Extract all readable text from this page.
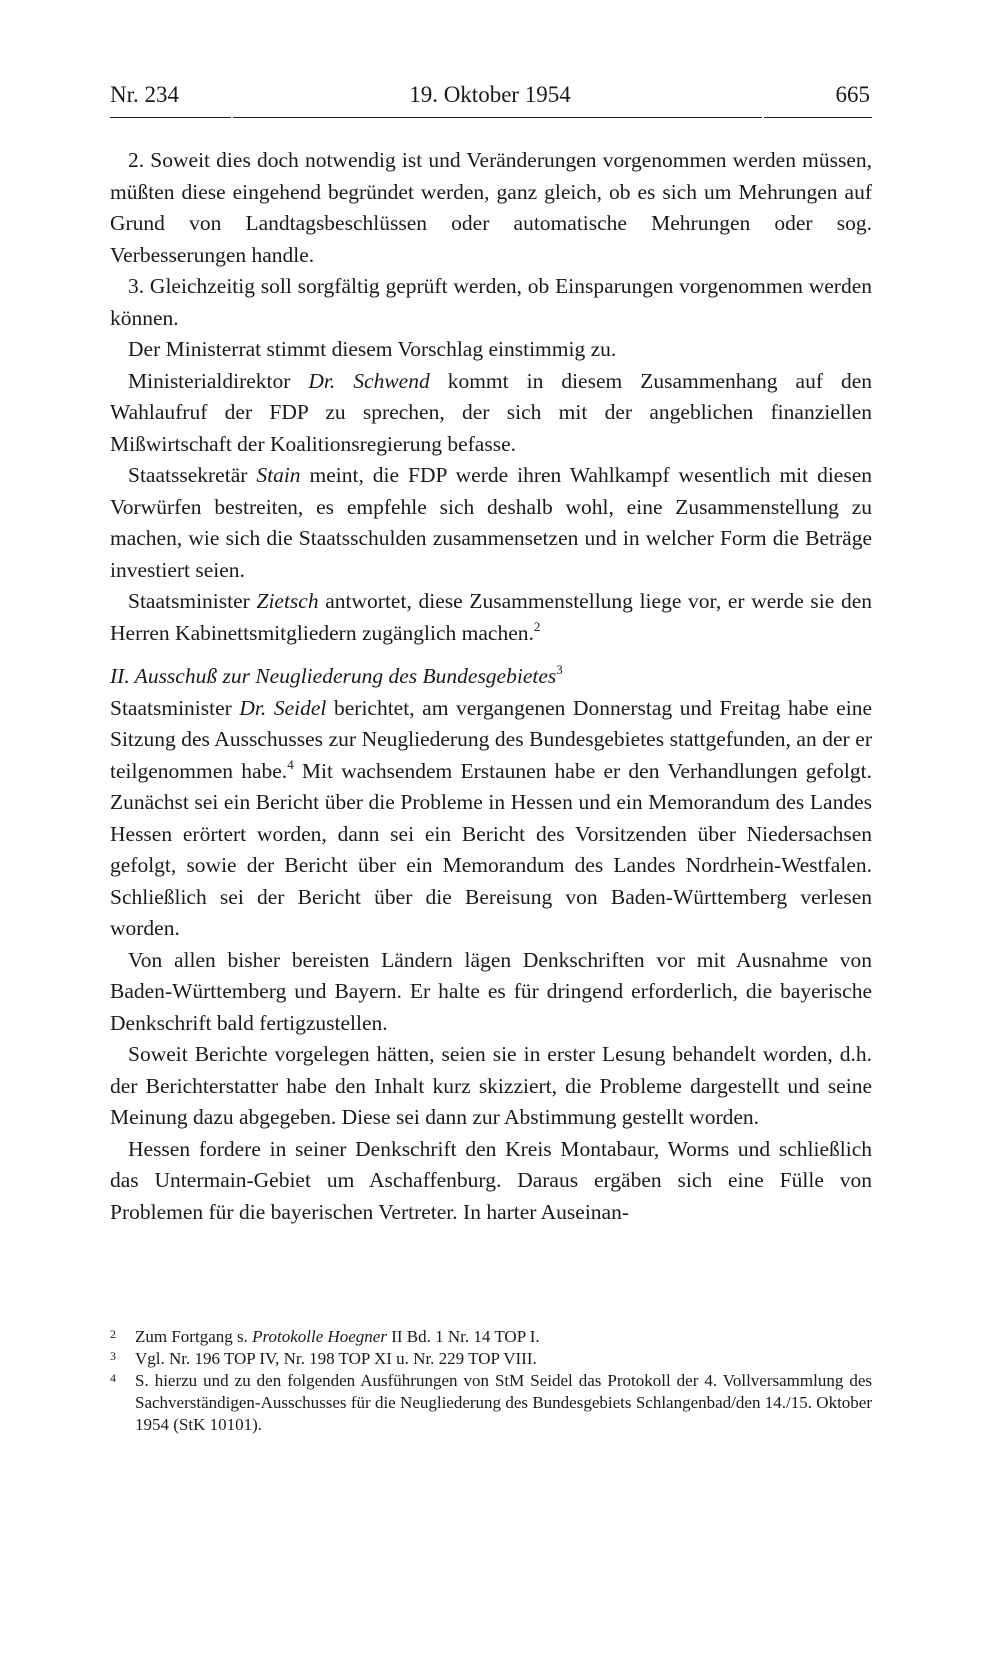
Nr. 234	19. Oktober 1954	665

2. Soweit dies doch notwendig ist und Veränderungen vorgenommen werden müssen, müßten diese eingehend begründet werden, ganz gleich, ob es sich um Mehrungen auf Grund von Landtagsbeschlüssen oder automatische Mehrungen oder sog. Verbesserungen handle.

3. Gleichzeitig soll sorgfältig geprüft werden, ob Einsparungen vorgenommen werden können.

Der Ministerrat stimmt diesem Vorschlag einstimmig zu.

Ministerialdirektor Dr. Schwend kommt in diesem Zusammenhang auf den Wahlaufruf der FDP zu sprechen, der sich mit der angeblichen finanziellen Mißwirtschaft der Koalitionsregierung befasse.

Staatssekretär Stain meint, die FDP werde ihren Wahlkampf wesentlich mit diesen Vorwürfen bestreiten, es empfehle sich deshalb wohl, eine Zusammenstellung zu machen, wie sich die Staatsschulden zusammensetzen und in welcher Form die Beträge investiert seien.

Staatsminister Zietsch antwortet, diese Zusammenstellung liege vor, er werde sie den Herren Kabinettsmitgliedern zugänglich machen.$^2$

II. Ausschuß zur Neugliederung des Bundesgebietes$^3$

Staatsminister Dr. Seidel berichtet, am vergangenen Donnerstag und Freitag habe eine Sitzung des Ausschusses zur Neugliederung des Bundesgebietes stattgefunden, an der er teilgenommen habe.$^4$ Mit wachsendem Erstaunen habe er den Verhandlungen gefolgt. Zunächst sei ein Bericht über die Probleme in Hessen und ein Memorandum des Landes Hessen erörtert worden, dann sei ein Bericht des Vorsitzenden über Niedersachsen gefolgt, sowie der Bericht über ein Memorandum des Landes Nordrhein-Westfalen. Schließlich sei der Bericht über die Bereisung von Baden-Württemberg verlesen worden.

Von allen bisher bereisten Ländern lägen Denkschriften vor mit Ausnahme von Baden-Württemberg und Bayern. Er halte es für dringend erforderlich, die bayerische Denkschrift bald fertigzustellen.

Soweit Berichte vorgelegen hätten, seien sie in erster Lesung behandelt worden, d.h. der Berichterstatter habe den Inhalt kurz skizziert, die Probleme dargestellt und seine Meinung dazu abgegeben. Diese sei dann zur Abstimmung gestellt worden.

Hessen fordere in seiner Denkschrift den Kreis Montabaur, Worms und schließlich das Untermain-Gebiet um Aschaffenburg. Daraus ergäben sich eine Fülle von Problemen für die bayerischen Vertreter. In harter Auseinan-

2 Zum Fortgang s. Protokolle Hoegner II Bd. 1 Nr. 14 TOP I.
3 Vgl. Nr. 196 TOP IV, Nr. 198 TOP XI u. Nr. 229 TOP VIII.
4 S. hierzu und zu den folgenden Ausführungen von StM Seidel das Protokoll der 4. Vollversammlung des Sachverständigen-Ausschusses für die Neugliederung des Bundesgebiets Schlangenbad/den 14./15. Oktober 1954 (StK 10101).
